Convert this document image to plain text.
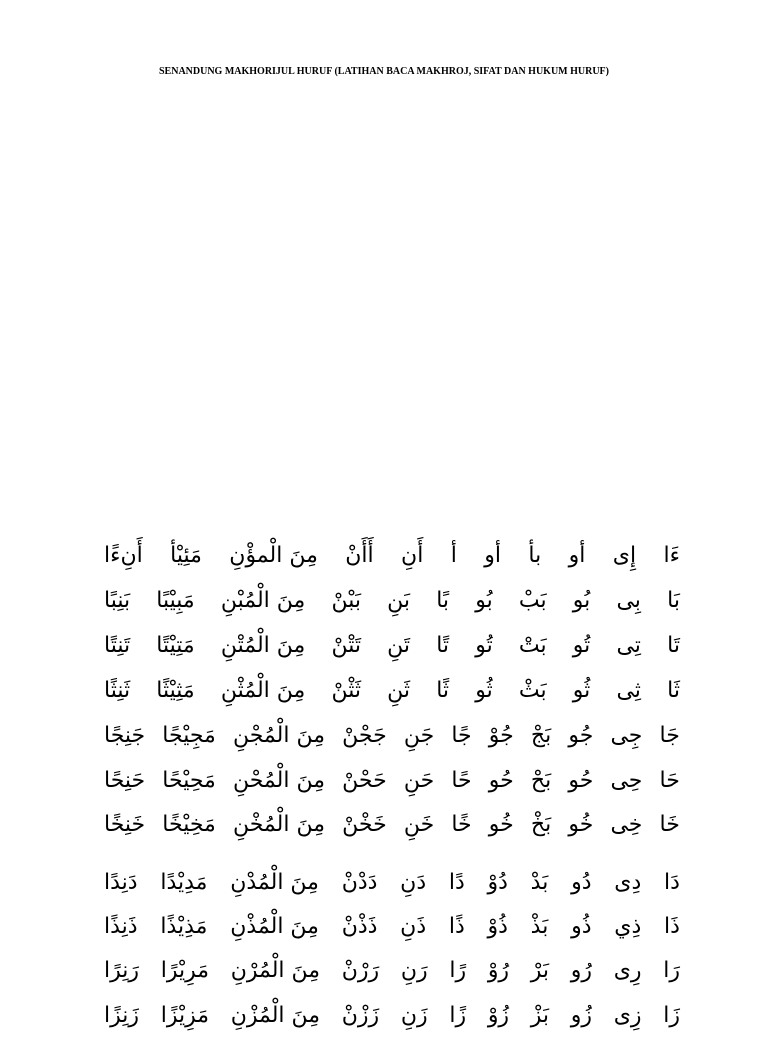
SENANDUNG MAKHORIJUL HURUF (LATIHAN BACA MAKHROJ, SIFAT DAN HUKUM HURUF)
ءَا
إِى
أو
بأ
أو
أ
أَنِ
أَأَنْ
مِنَ الْمؤْنِ
مَئِيْأ
أَنِءًا
بَا
بِى
بُو
بَبْ
بُو
بًا
بَنِ
بَبْنْ
مِنَ الْمُبْنِ
مَبِيْبًا
بَنِبًا
تَا
تِى
تُو
بَتْ
تُو
تًا
تَنِ
تَتْنْ
مِنَ الْمُتْنِ
مَتِيْتًا
تَنِتًا
ثَا
ثِى
ثُو
بَثْ
ثُو
ثًا
ثَنِ
ثَثْنْ
مِنَ الْمُثْنِ
مَثِيْثًا
ثَنِثًا
جَا
جِى
جُو
بَجْ
جُوْ
جًا
جَنِ
جَجْنْ
مِنَ الْمُجْنِ
مَجِيْجًا
جَنِجًا
حَا
حِى
حُو
بَحْ
حُو
حًا
حَنِ
حَحْنْ
مِنَ الْمُحْنِ
مَحِيْحًا
حَنِحًا
خَا
خِى
خُو
بَخْ
خُو
خًا
خَنِ
خَخْنْ
مِنَ الْمُخْنِ
مَخِيْخًا
خَنِخًا
دَا
دِى
دُو
بَدْ
دُوْ
دًا
دَنِ
دَدْنْ
مِنَ الْمُدْنِ
مَدِيْدًا
دَنِدًا
ذَا
ذِي
ذُو
بَذْ
ذُوْ
ذًا
ذَنِ
ذَذْنْ
مِنَ الْمُذْنِ
مَذِيْذًا
ذَنِذًا
رَا
رِى
رُو
بَرْ
رُوْ
رًا
رَنِ
رَرْنْ
مِنَ الْمُرْنِ
مَرِيْرًا
رَنِرًا
زَا
زِى
زُو
بَزْ
زُوْ
زًا
زَنِ
زَزْنْ
مِنَ الْمُزْنِ
مَزِيْزًا
زَنِزًا
